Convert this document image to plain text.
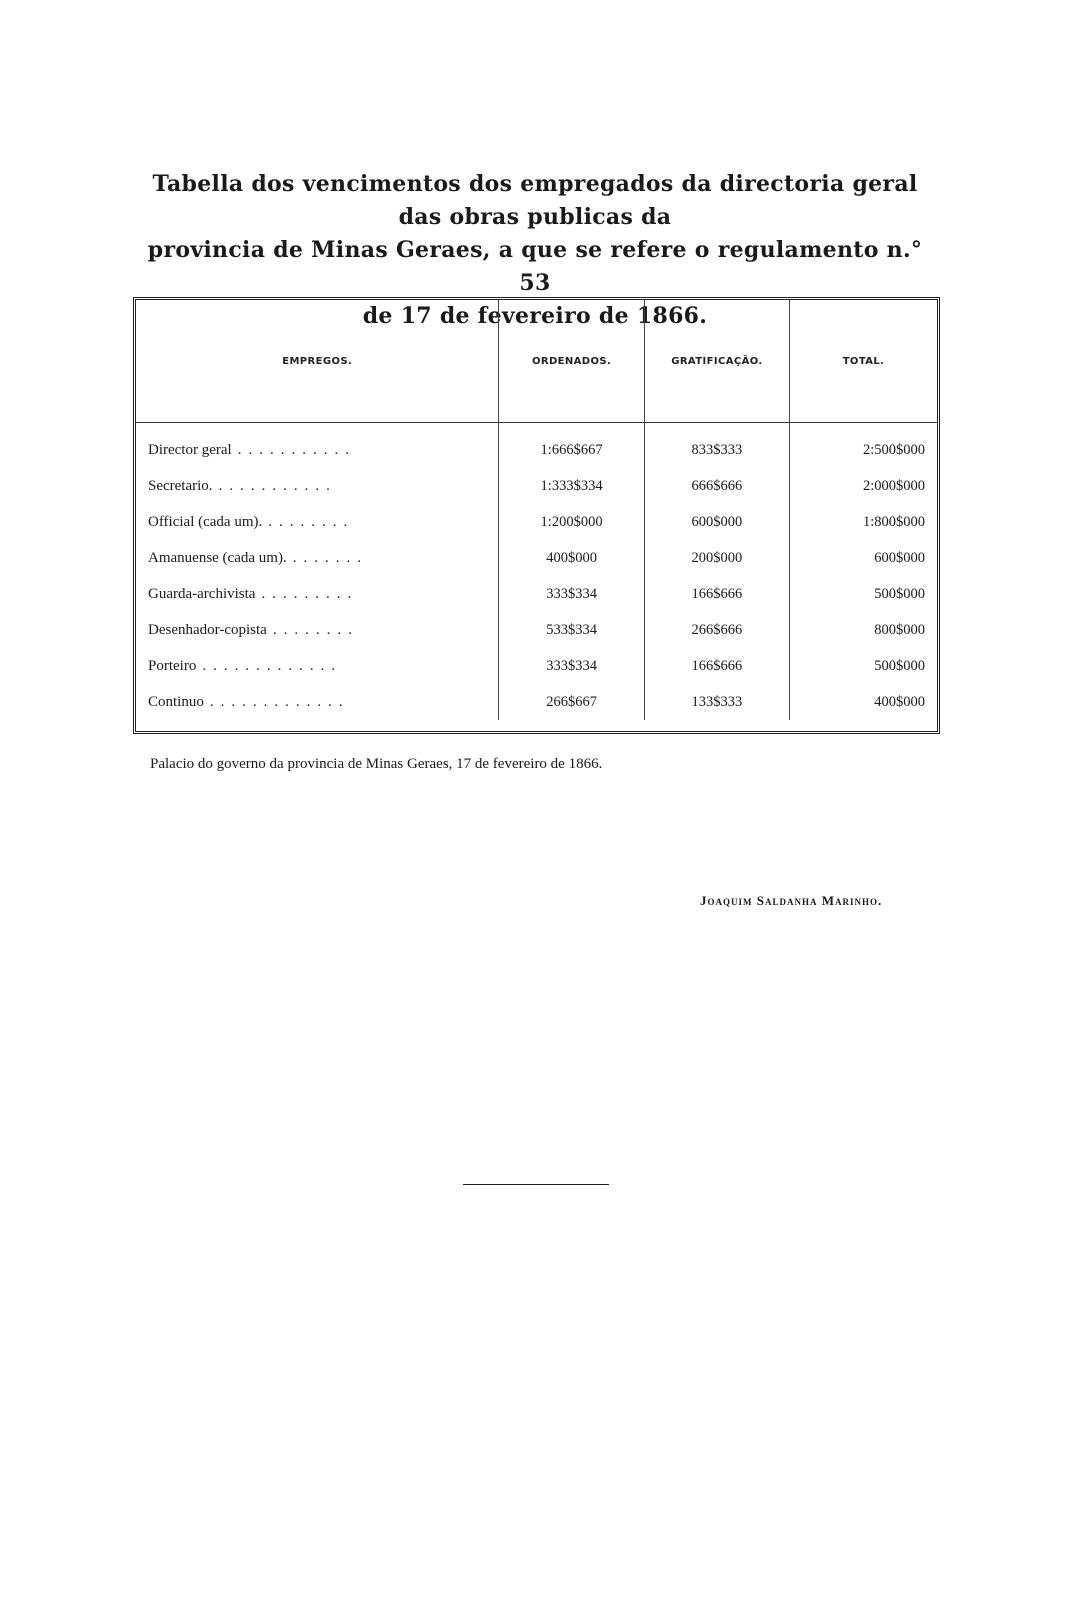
Tabella dos vencimentos dos empregados da directoria geral das obras publicas da
provincia de Minas Geraes, a que se refere o regulamento n.° 53
de 17 de fevereiro de 1866.
EMPREGOS.	ORDENADOS.	GRATIFICAÇÃO.	TOTAL.
Director geral ...........	1:666$667	833$333	2:500$000
Secretario. ...........	1:333$334	666$666	2:000$000
Official (cada um). ........	1:200$000	600$000	1:800$000
Amanuense (cada um). .......	400$000	200$000	600$000
Guarda-archivista .........	333$334	166$666	500$000
Desenhador-copista ........	533$334	266$666	800$000
Porteiro .............	333$334	166$666	500$000
Continuo .............	266$667	133$333	400$000
Palacio do governo da provincia de Minas Geraes, 17 de fevereiro de 1866.
Joaquim Saldanha Marinho.
